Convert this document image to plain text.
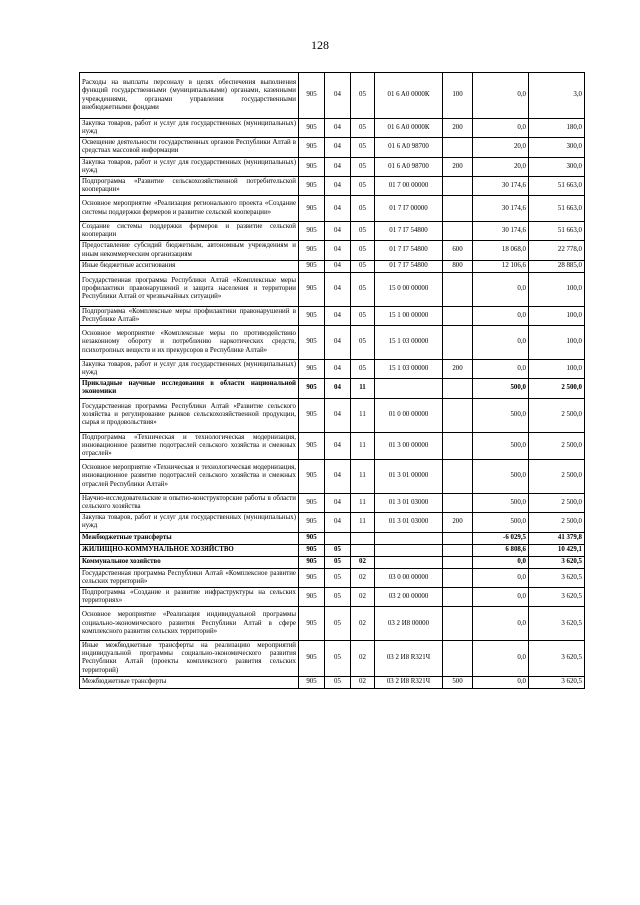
128
Расходы на выплаты персоналу в целях обеспечения выполнения функций государственными (муниципальными) органами, казенными учреждениями, органами управления государственными внебюджетными фондами	905	04	05	01 6 A0 0000К	100	0,0	3,0
Закупка товаров, работ и услуг для государственных (муниципальных) нужд	905	04	05	01 6 A0 0000К	200	0,0	180,0
Освещение деятельности государственных органов Республики Алтай в средствах массовой информации	905	04	05	01 6 A0 98700		20,0	300,0
Закупка товаров, работ и услуг для государственных (муниципальных) нужд	905	04	05	01 6 A0 98700	200	20,0	300,0
Подпрограмма «Развитие сельскохозяйственной потребительской кооперации»	905	04	05	01 7 00 00000		30 174,6	51 663,0
Основное мероприятие «Реализация регионального проекта «Создание системы поддержки фермеров и развитие сельской кооперации»	905	04	05	01 7 I7 00000		30 174,6	51 663,0
Создание системы поддержки фермеров и развитие сельской кооперации	905	04	05	01 7 I7 54800		30 174,6	51 663,0
Предоставление субсидий бюджетным, автономным учреждениям и иным некоммерческим организациям	905	04	05	01 7 I7 54800	600	18 068,0	22 778,0
Иные бюджетные ассигнования	905	04	05	01 7 I7 54800	800	12 106,6	28 885,0
Государственная программа Республики Алтай «Комплексные меры профилактики правонарушений и защита населения и территории Республики Алтай от чрезвычайных ситуаций»	905	04	05	15 0 00 00000		0,0	100,0
Подпрограмма «Комплексные меры профилактики правонарушений в Республике Алтай»	905	04	05	15 1 00 00000		0,0	100,0
Основное мероприятие «Комплексные меры по противодействию незаконному обороту и потреблению наркотических средств, психотропных веществ и их прекурсоров в Республике Алтай»	905	04	05	15 1 03 00000		0,0	100,0
Закупка товаров, работ и услуг для государственных (муниципальных) нужд	905	04	05	15 1 03 00000	200	0,0	100,0
Прикладные научные исследования в области национальной экономики	905	04	11			500,0	2 500,0
Государственная программа Республики Алтай «Развитие сельского хозяйства и регулирование рынков сельскохозяйственной продукции, сырья и продовольствия»	905	04	11	01 0 00 00000		500,0	2 500,0
Подпрограмма «Техническая и технологическая модернизация, инновационное развитие подотраслей сельского хозяйства и смежных отраслей»	905	04	11	01 3 00 00000		500,0	2 500,0
Основное мероприятие «Техническая и технологическая модернизация, инновационное развитие подотраслей сельского хозяйства и смежных отраслей Республики Алтай»	905	04	11	01 3 01 00000		500,0	2 500,0
Научно-исследовательские и опытно-конструкторские работы в области сельского хозяйства	905	04	11	01 3 01 03000		500,0	2 500,0
Закупка товаров, работ и услуг для государственных (муниципальных) нужд	905	04	11	01 3 01 03000	200	500,0	2 500,0
Межбюджетные трансферты	905					-6 029,5	41 379,8
ЖИЛИЩНО-КОММУНАЛЬНОЕ ХОЗЯЙСТВО	905	05				6 808,6	10 429,1
Коммунальное хозяйство	905	05	02			0,0	3 620,5
Государственная программа Республики Алтай «Комплексное развитие сельских территорий»	905	05	02	03 0 00 00000		0,0	3 620,5
Подпрограмма «Создание и развитие инфраструктуры на сельских территориях»	905	05	02	03 2 00 00000		0,0	3 620,5
Основное мероприятие «Реализация индивидуальной программы социально-экономического развития Республики Алтай в сфере комплексного развития сельских территорий»	905	05	02	03 2 И8 00000		0,0	3 620,5
Иные межбюджетные трансферты на реализацию мероприятий индивидуальной программы социально-экономического развития Республики Алтай (проекты комплексного развития сельских территорий)	905	05	02	03 2 И8 R321Ч		0,0	3 620,5
Межбюджетные трансферты	905	05	02	03 2 И8 R321Ч	500	0,0	3 620,5
